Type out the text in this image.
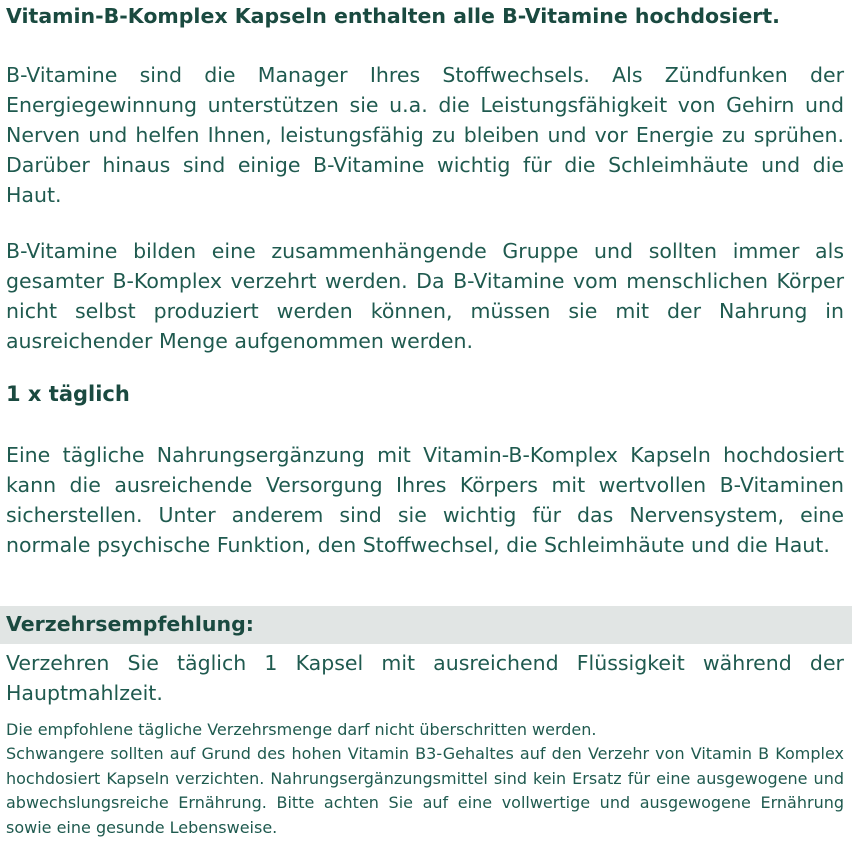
Vitamin-B-Komplex Kapseln enthalten alle B-Vitamine hochdosiert.
B-Vitamine sind die Manager Ihres Stoffwechsels. Als Zündfunken der Energiegewinnung unterstützen sie u.a. die Leistungsfähigkeit von Gehirn und Nerven und helfen Ihnen, leistungsfähig zu bleiben und vor Energie zu sprühen. Darüber hinaus sind einige B-Vitamine wichtig für die Schleimhäute und die Haut.
B-Vitamine bilden eine zusammenhängende Gruppe und sollten immer als gesamter B-Komplex verzehrt werden. Da B-Vitamine vom menschlichen Körper nicht selbst produziert werden können, müssen sie mit der Nahrung in ausreichender Menge aufgenommen werden.
1 x täglich
Eine tägliche Nahrungsergänzung mit Vitamin-B-Komplex Kapseln hochdosiert kann die ausreichende Versorgung Ihres Körpers mit wertvollen B-Vitaminen sicherstellen. Unter anderem sind sie wichtig für das Nervensystem, eine normale psychische Funktion, den Stoffwechsel, die Schleimhäute und die Haut.
Verzehrsempfehlung:
Verzehren Sie täglich 1 Kapsel mit ausreichend Flüssigkeit während der Hauptmahlzeit.
Die empfohlene tägliche Verzehrsmenge darf nicht überschritten werden.
Schwangere sollten auf Grund des hohen Vitamin B3-Gehaltes auf den Verzehr von Vitamin B Komplex hochdosiert Kapseln verzichten. Nahrungsergänzungsmittel sind kein Ersatz für eine ausgewogene und abwechslungsreiche Ernährung. Bitte achten Sie auf eine vollwertige und ausgewogene Ernährung sowie eine gesunde Lebensweise.
